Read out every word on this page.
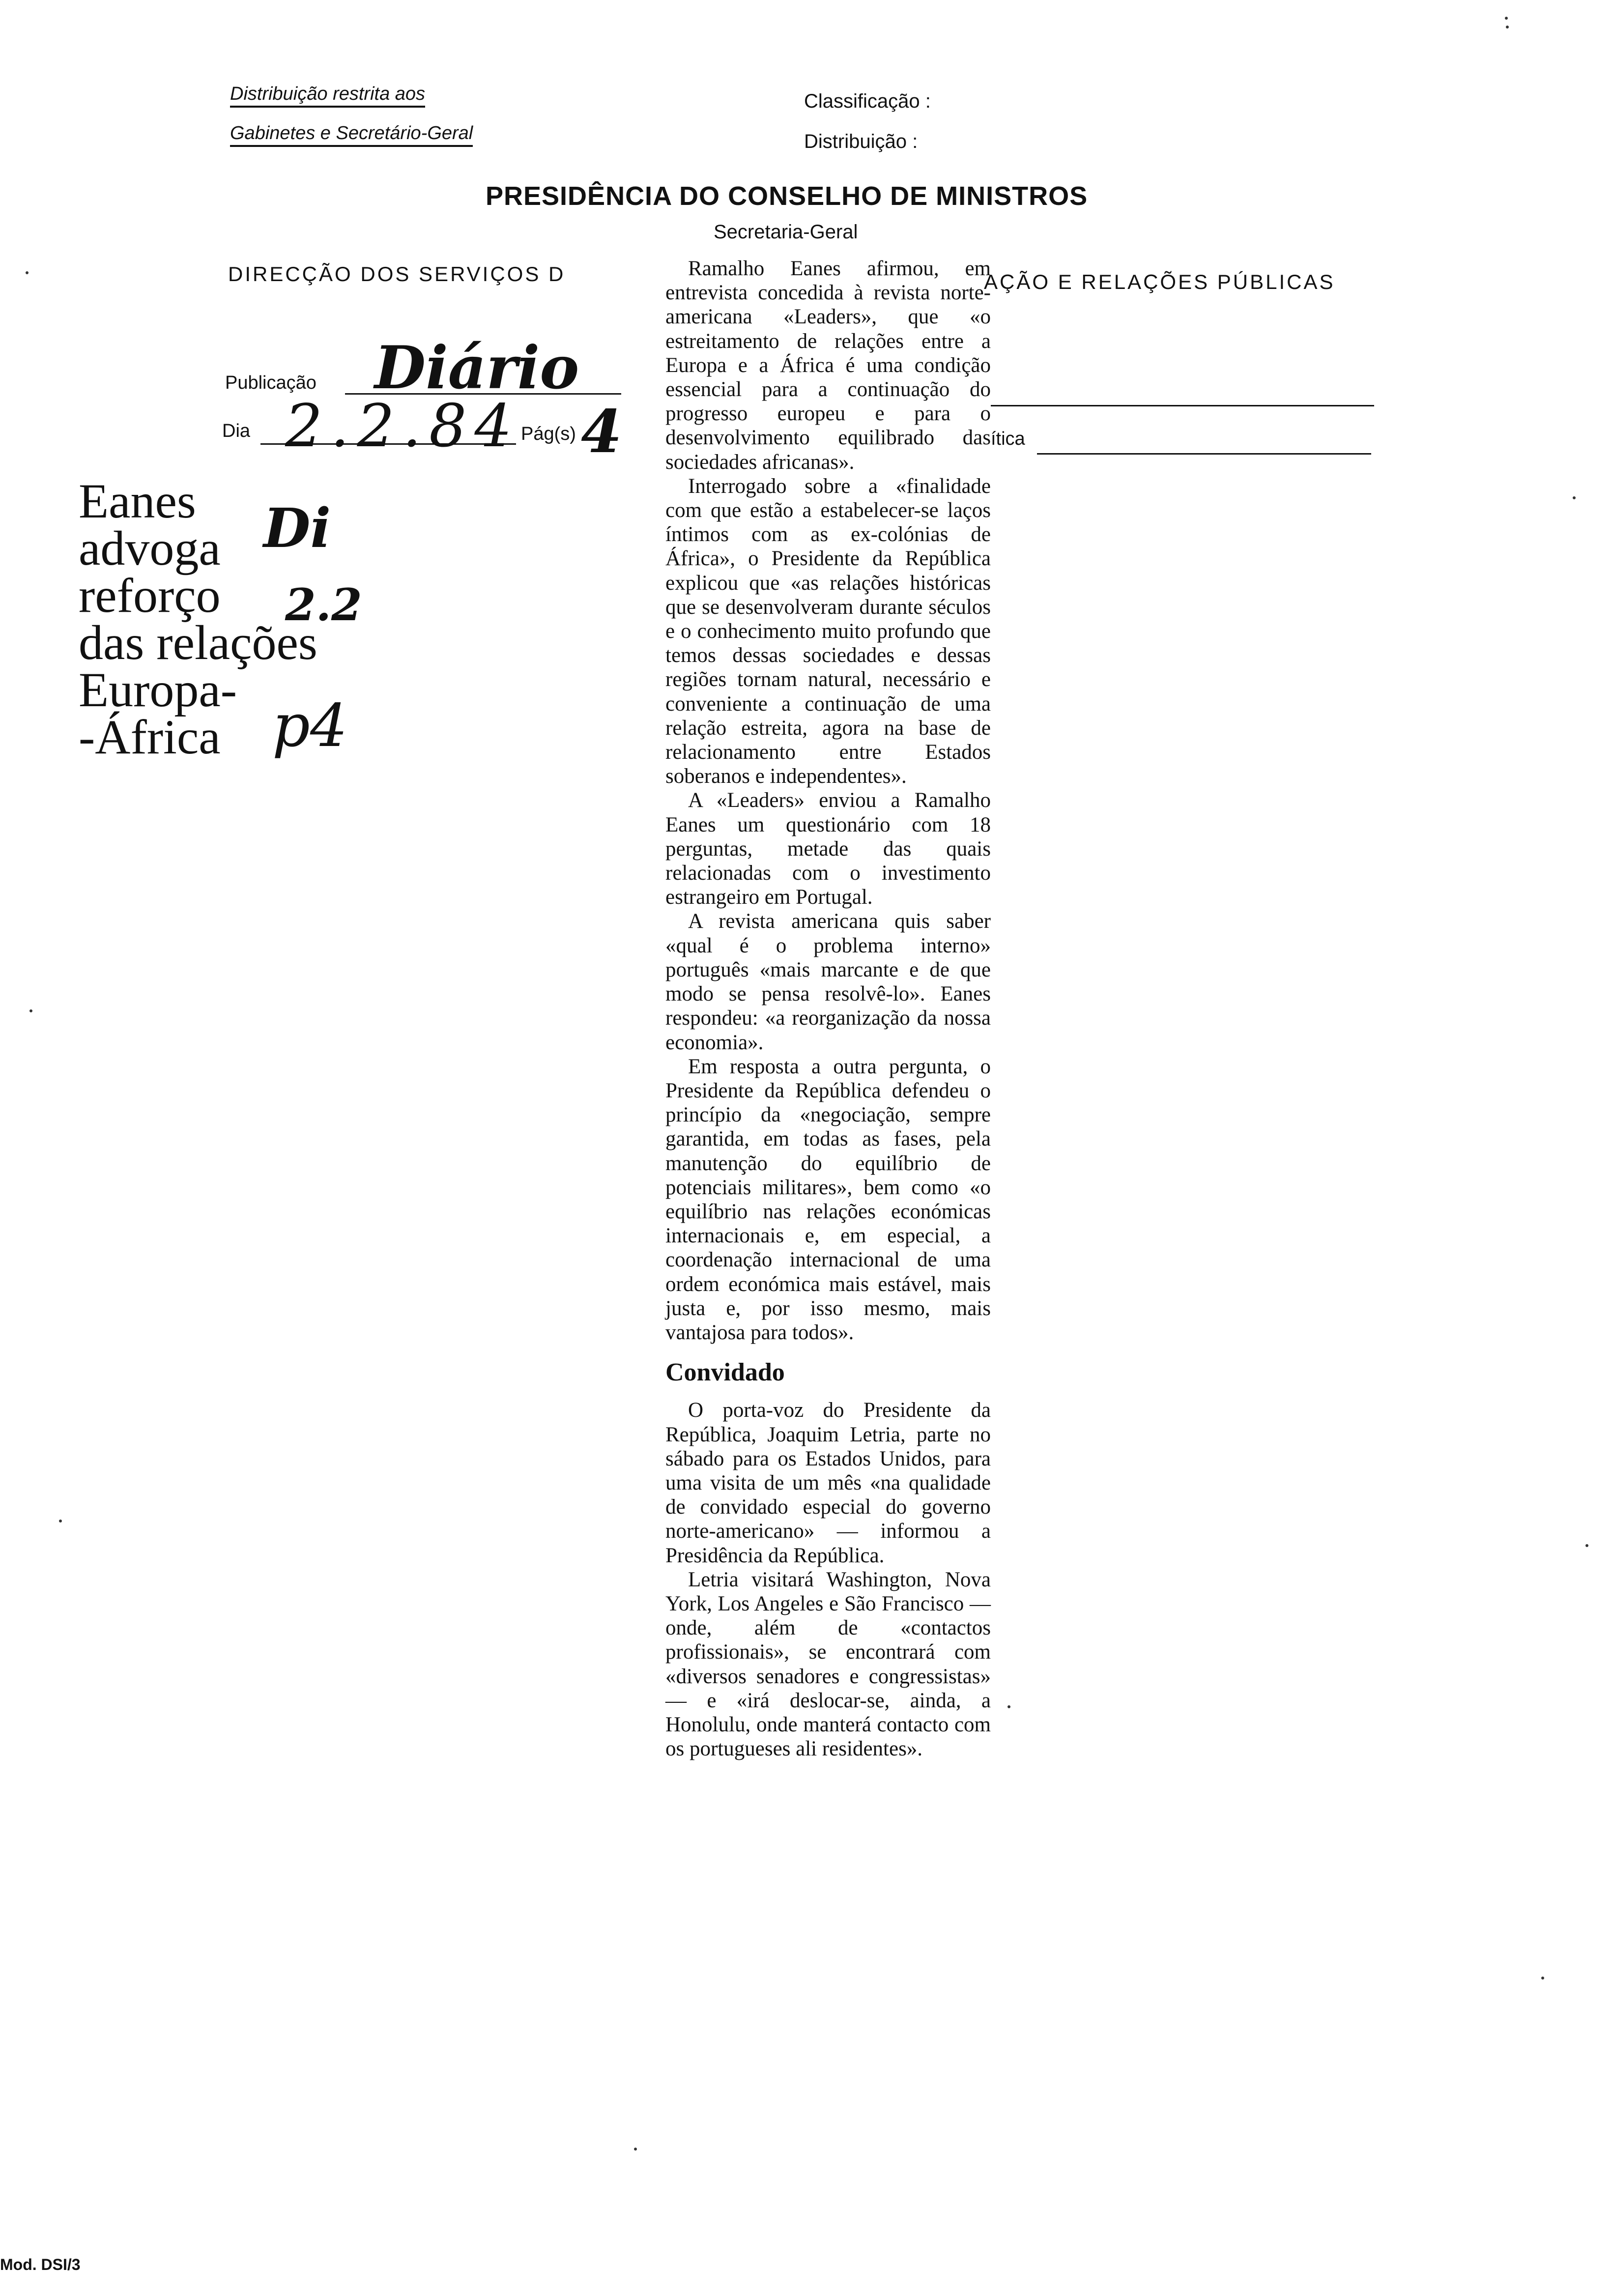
Distribuição restrita aos
Gabinetes e Secretário-Geral
Classificação :
Distribuição :
PRESIDÊNCIA DO CONSELHO DE MINISTROS
Secretaria-Geral
DIRECÇÃO DOS SERVIÇOS D	AÇÃO E RELAÇÕES PÚBLICAS
Publicação Diário
Dia 2.2.84 Pág(s) 4	ítica
Eanes
advoga
reforço
das relações
Europa-
-África
Di
2.2
p4

Ramalho Eanes afirmou, em entrevista concedida à revista norte-americana «Leaders», que «o estreitamento de relações entre a Europa e a África é uma condição essencial para a continuação do progresso europeu e para o desenvolvimento equilibrado das sociedades africanas».

Interrogado sobre a «finalidade com que estão a estabelecer-se laços íntimos com as ex-colónias de África», o Presidente da República explicou que «as relações históricas que se desenvolveram durante séculos e o conhecimento muito profundo que temos dessas sociedades e dessas regiões tornam natural, necessário e conveniente a continuação de uma relação estreita, agora na base de relacionamento entre Estados soberanos e independentes».

A «Leaders» enviou a Ramalho Eanes um questionário com 18 perguntas, metade das quais relacionadas com o investimento estrangeiro em Portugal.

A revista americana quis saber «qual é o problema interno» português «mais marcante e de que modo se pensa resolvê-lo». Eanes respondeu: «a reorganização da nossa economia».

Em resposta a outra pergunta, o Presidente da República defendeu o princípio da «negociação, sempre garantida, em todas as fases, pela manutenção do equilíbrio de potenciais militares», bem como «o equilíbrio nas relações económicas internacionais e, em especial, a coordenação internacional de uma ordem económica mais estável, mais justa e, por isso mesmo, mais vantajosa para todos».

Convidado

O porta-voz do Presidente da República, Joaquim Letria, parte no sábado para os Estados Unidos, para uma visita de um mês «na qualidade de convidado especial do governo norte-americano» — informou a Presidência da República.

Letria visitará Washington, Nova York, Los Angeles e São Francisco — onde, além de «contactos profissionais», se encontrará com «diversos senadores e congressistas» — e «irá deslocar-se, ainda, a Honolulu, onde manterá contacto com os portugueses ali residentes».

Mod. DSI/3
